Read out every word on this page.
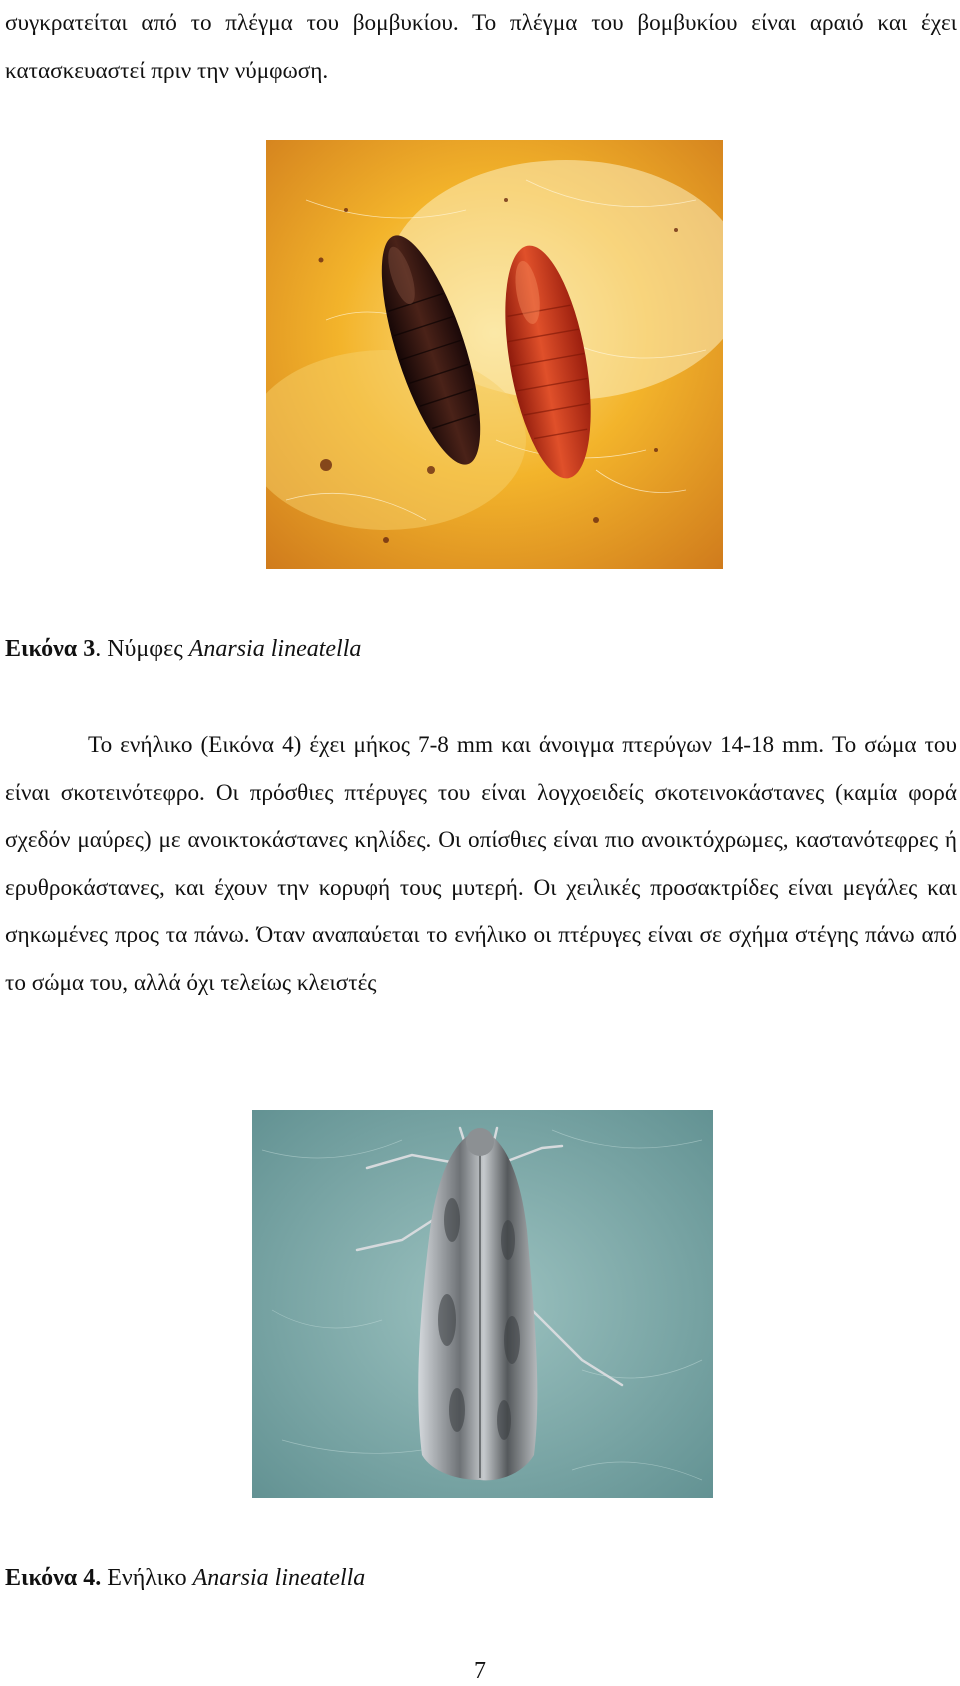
συγκρατείται από το πλέγμα του βομβυκίου. Το πλέγμα του βομβυκίου είναι αραιό και έχει κατασκευαστεί πριν την νύμφωση.
Εικόνα 3. Νύμφες Anarsia lineatella
Το ενήλικο (Εικόνα 4) έχει μήκος 7-8 mm και άνοιγμα πτερύγων 14-18 mm. Το σώμα του είναι σκοτεινότεφρο. Οι πρόσθιες πτέρυγες του είναι λογχοειδείς σκοτεινοκάστανες (καμία φορά σχεδόν μαύρες) με ανοικτοκάστανες κηλίδες. Οι οπίσθιες είναι πιο ανοικτόχρωμες, καστανότεφρες ή ερυθροκάστανες, και έχουν την κορυφή τους μυτερή. Οι χειλικές προσακτρίδες είναι μεγάλες και σηκωμένες προς τα πάνω. Όταν αναπαύεται το ενήλικο οι πτέρυγες είναι σε σχήμα στέγης πάνω από το σώμα του, αλλά όχι τελείως κλειστές
Εικόνα 4. Ενήλικο Anarsia lineatella
7
